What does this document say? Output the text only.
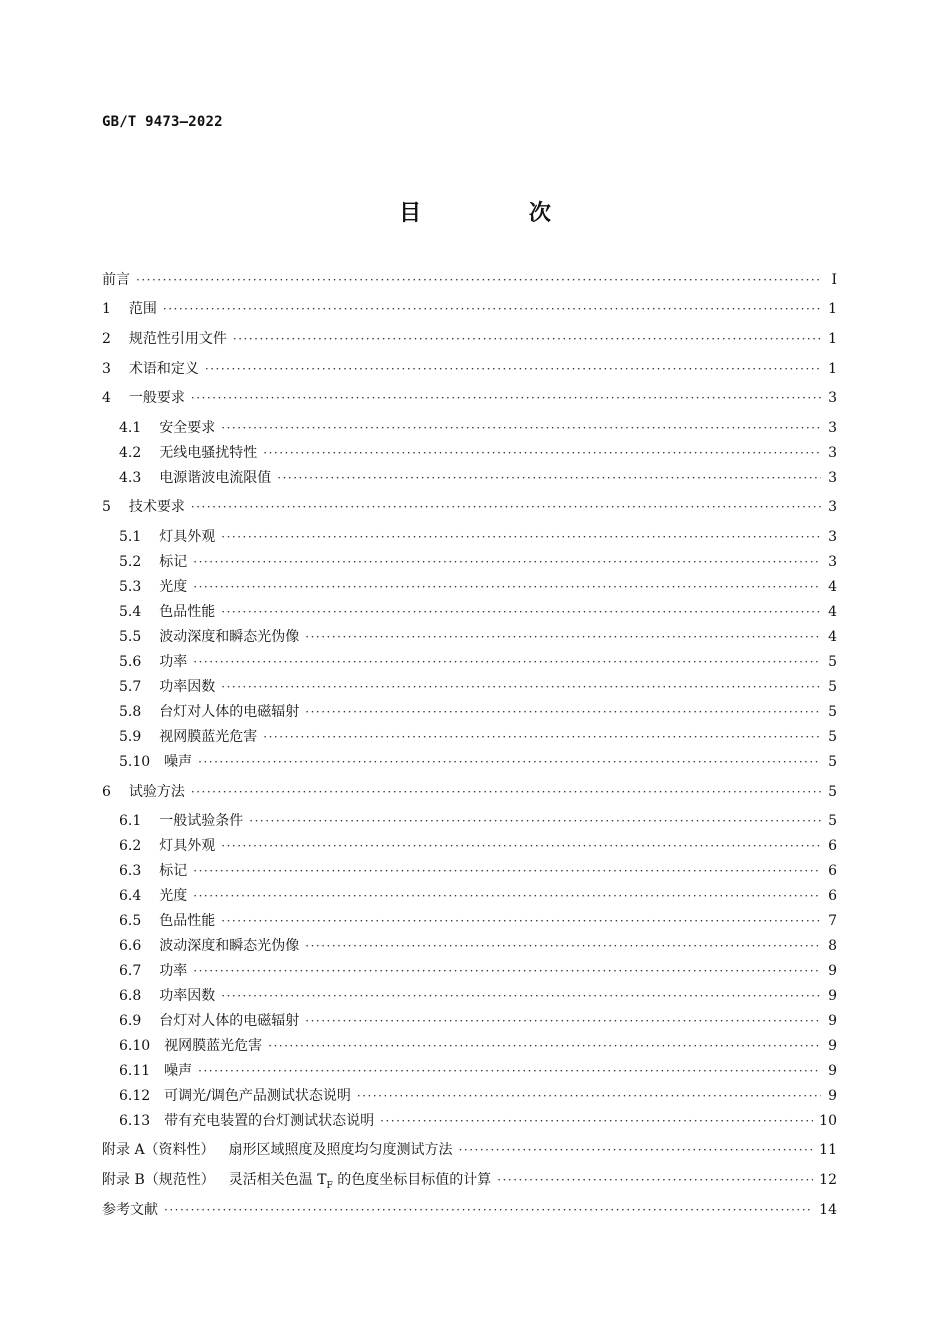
GB/T 9473—2022
目 次
前言 ·····	I
1 范围 ·····	1
2 规范性引用文件 ·····	1
3 术语和定义 ·····	1
4 一般要求 ·····	3
4.1 安全要求 ·····	3
4.2 无线电骚扰特性 ·····	3
4.3 电源谐波电流限值 ·····	3
5 技术要求 ·····	3
5.1 灯具外观 ·····	3
5.2 标记 ·····	3
5.3 光度 ·····	4
5.4 色品性能 ·····	4
5.5 波动深度和瞬态光伪像 ·····	4
5.6 功率 ·····	5
5.7 功率因数 ·····	5
5.8 台灯对人体的电磁辐射 ·····	5
5.9 视网膜蓝光危害 ·····	5
5.10 噪声 ·····	5
6 试验方法 ·····	5
6.1 一般试验条件 ·····	5
6.2 灯具外观 ·····	6
6.3 标记 ·····	6
6.4 光度 ·····	6
6.5 色品性能 ·····	7
6.6 波动深度和瞬态光伪像 ·····	8
6.7 功率 ·····	9
6.8 功率因数 ·····	9
6.9 台灯对人体的电磁辐射 ·····	9
6.10 视网膜蓝光危害 ·····	9
6.11 噪声 ·····	9
6.12 可调光/调色产品测试状态说明 ·····	9
6.13 带有充电装置的台灯测试状态说明 ·····	10
附录 A（资料性） 扇形区域照度及照度均匀度测试方法 ·····	11
附录 B（规范性） 灵活相关色温 $T_F$ 的色度坐标目标值的计算 ·····	12
参考文献 ·····	14
